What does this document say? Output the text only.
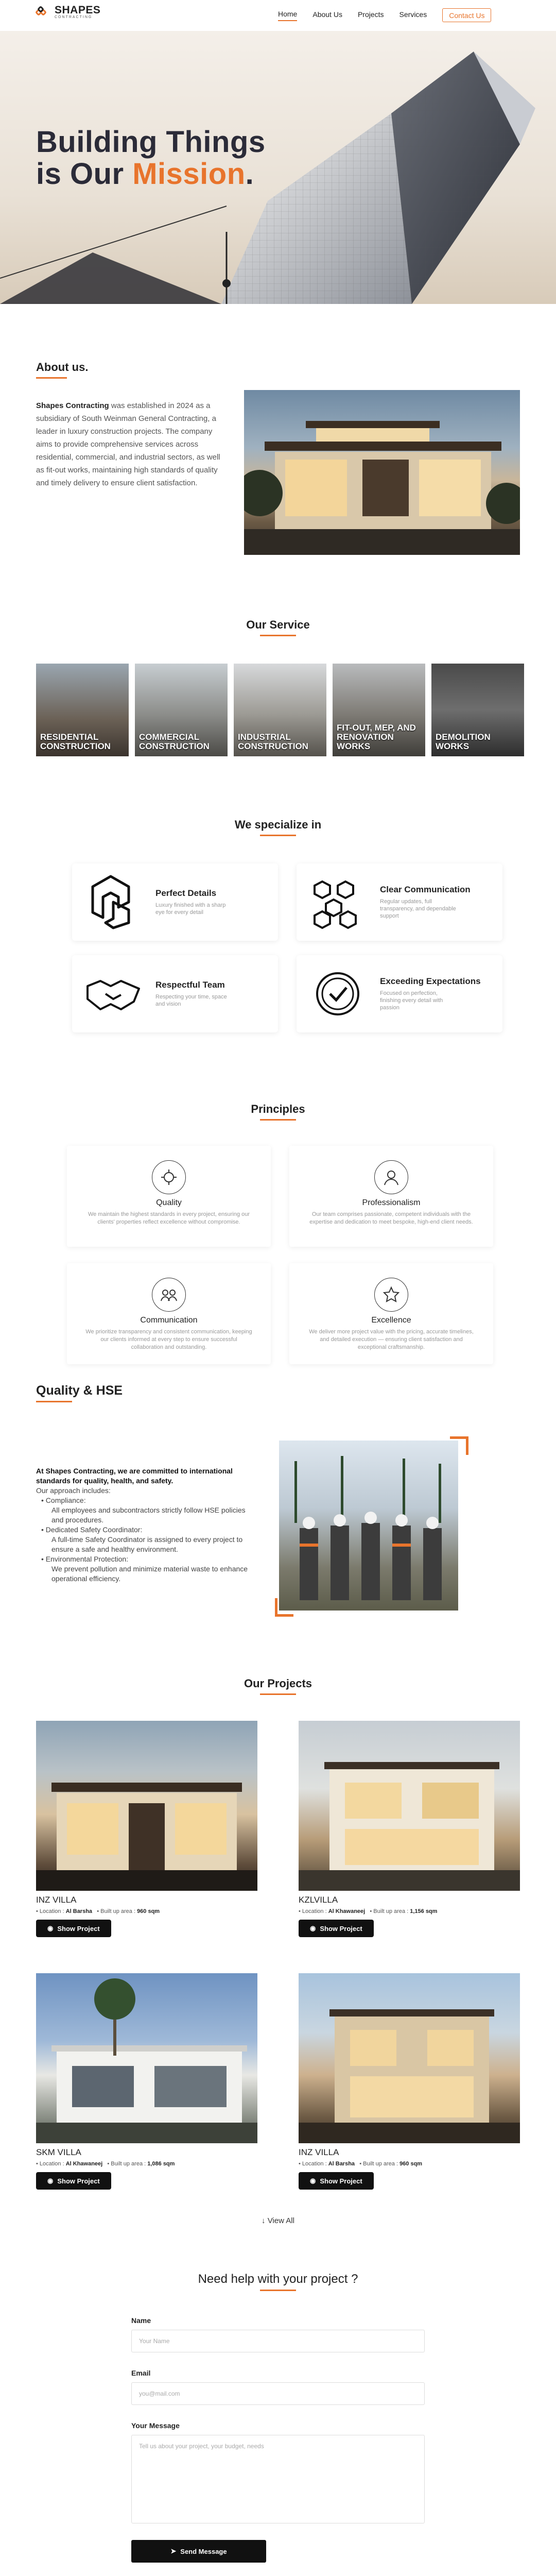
SHAPES
CONTRACTING	Home About Us Projects Services	Contact Us
Building Things
is Our Mission.
About us.
Shapes Contracting was established in 2024 as a subsidiary of South Weinman General Contracting, a leader in luxury construction projects. The company aims to provide comprehensive services across residential, commercial, and industrial sectors, as well as fit-out works, maintaining high standards of quality and timely delivery to ensure client satisfaction.
Our Service
RESIDENTIAL CONSTRUCTION
COMMERCIAL CONSTRUCTION
INDUSTRIAL CONSTRUCTION
FIT-OUT, MEP, AND RENOVATION WORKS
DEMOLITION WORKS
We specialize in
Perfect Details

Luxury finished with a sharp eye for every detail

Clear Communication

Regular updates, full transparency, and dependable support

Respectful Team

Respecting your time, space and vision

Exceeding Expectations

Focused on perfection, finishing every detail with passion

Principles
Quality

We maintain the highest standards in every project, ensuring our clients' properties reflect excellence without compromise.

Professionalism

Our team comprises passionate, competent individuals with the expertise and dedication to meet bespoke, high-end client needs.

Communication

We prioritize transparency and consistent communication, keeping our clients informed at every step to ensure successful collaboration and outstanding.

Excellence

We deliver more project value with the pricing, accurate timelines, and detailed execution — ensuring client satisfaction and exceptional craftsmanship.

Quality & HSE
At Shapes Contracting, we are committed to international standards for quality, health, and safety.
Our approach includes:
• Compliance:
All employees and subcontractors strictly follow HSE policies and procedures.
• Dedicated Safety Coordinator:
A full-time Safety Coordinator is assigned to every project to ensure a safe and healthy environment.
• Environmental Protection:
We prevent pollution and minimize material waste to enhance operational efficiency.
Our Projects
INZ VILLA
• Location : Al Barsha   • Built up area : 960 sqm
◉ Show Project
KZLVILLA
• Location : Al Khawaneej   • Built up area : 1,156 sqm
◉ Show Project
SKM VILLA
• Location : Al Khawaneej   • Built up area : 1,086 sqm
◉ Show Project
INZ VILLA
• Location : Al Barsha   • Built up area : 960 sqm
◉ Show Project
↓ View All
Need help with your project ?
Name
Your Name
Email
you@mail.com
Your Message
Tell us about your project, your budget, needs
➤ Send Message
